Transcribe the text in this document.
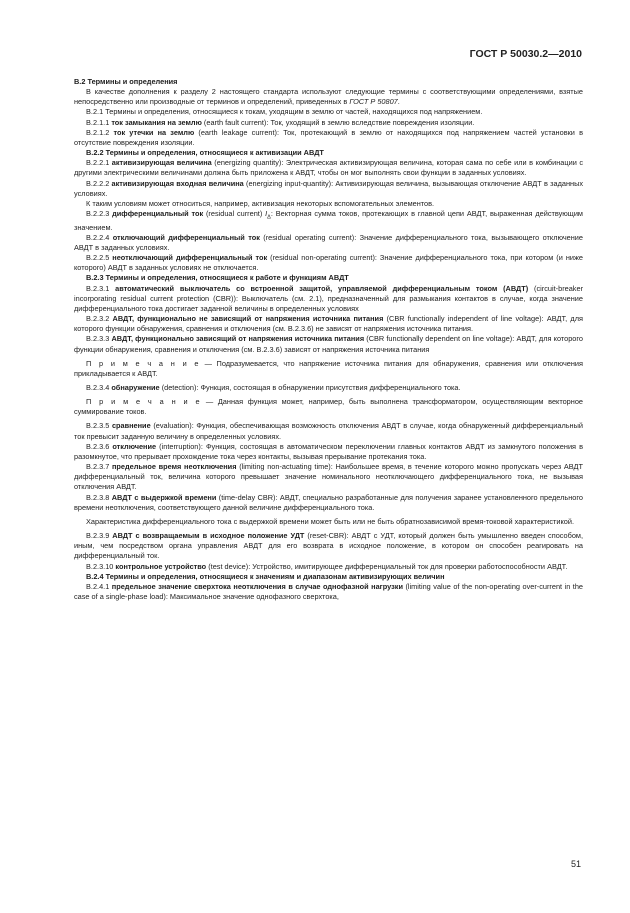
ГОСТ Р 50030.2—2010

B.2 Термины и определения

В качестве дополнения к разделу 2 настоящего стандарта используют следующие термины с соответствующими определениями, взятые непосредственно или производные от терминов и определений, приведенных в ГОСТ Р 50807.

B.2.1 Термины и определения, относящиеся к токам, уходящим в землю от частей, находящихся под напряжением.

B.2.1.1 ток замыкания на землю (earth fault current): Ток, уходящий в землю вследствие повреждения изоляции.

B.2.1.2 ток утечки на землю (earth leakage current): Ток, протекающий в землю от находящихся под напряжением частей установки в отсутствие повреждения изоляции.

B.2.2 Термины и определения, относящиеся к активизации АВДТ

B.2.2.1 активизирующая величина (energizing quantity): Электрическая активизирующая величина, которая сама по себе или в комбинации с другими электрическими величинами должна быть приложена к АВДТ, чтобы он мог выполнять свои функции в заданных условиях.

B.2.2.2 активизирующая входная величина (energizing input-quantity): Активизирующая величина, вызывающая отключение АВДТ в заданных условиях.

К таким условиям может относиться, например, активизация некоторых вспомогательных элементов.

B.2.2.3 дифференциальный ток (residual current) $I_\Delta$: Векторная сумма токов, протекающих в главной цепи АВДТ, выраженная действующим значением.

B.2.2.4 отключающий дифференциальный ток (residual operating current): Значение дифференциального тока, вызывающего отключение АВДТ в заданных условиях.

B.2.2.5 неотключающий дифференциальный ток (residual non-operating current): Значение дифференциального тока, при котором (и ниже которого) АВДТ в заданных условиях не отключается.

B.2.3 Термины и определения, относящиеся к работе и функциям АВДТ

B.2.3.1 автоматический выключатель со встроенной защитой, управляемой дифференциальным током (АВДТ) (circuit-breaker incorporating residual current protection (CBR)): Выключатель (см. 2.1), предназначенный для размыкания контактов в случае, когда значение дифференциального тока достигает заданной величины в определенных условиях

B.2.3.2 АВДТ, функционально не зависящий от напряжения источника питания (CBR functionally independent of line voltage): АВДТ, для которого функции обнаружения, сравнения и отключения (см. B.2.3.6) не зависят от напряжения источника питания.

B.2.3.3 АВДТ, функционально зависящий от напряжения источника питания (CBR functionally dependent on line voltage): АВДТ, для которого функции обнаружения, сравнения и отключения (см. B.2.3.6) зависят от напряжения источника питания

П р и м е ч а н и е — Подразумевается, что напряжение источника питания для обнаружения, сравнения или отключения прикладывается к АВДТ.

B.2.3.4 обнаружение (detection): Функция, состоящая в обнаружении присутствия дифференциального тока.

П р и м е ч а н и е — Данная функция может, например, быть выполнена трансформатором, осуществляющим векторное суммирование токов.

B.2.3.5 сравнение (evaluation): Функция, обеспечивающая возможность отключения АВДТ в случае, когда обнаруженный дифференциальный ток превысит заданную величину в определенных условиях.

B.2.3.6 отключение (interruption): Функция, состоящая в автоматическом переключении главных контактов АВДТ из замкнутого положения в разомкнутое, что прерывает прохождение тока через контакты, вызывая прерывание протекания тока.

B.2.3.7 предельное время неотключения (limiting non-actuating time): Наибольшее время, в течение которого можно пропускать через АВДТ дифференциальный ток, величина которого превышает значение номинального неотключающего дифференциального тока, не вызывая отключения АВДТ.

B.2.3.8 АВДТ с выдержкой времени (time-delay CBR): АВДТ, специально разработанные для получения заранее установленного предельного времени неотключения, соответствующего данной величине дифференциального тока.

Характеристика дифференциального тока с выдержкой времени может быть или не быть обратнозависимой время-токовой характеристикой.

B.2.3.9 АВДТ с возвращаемым в исходное положение УДТ (reset-CBR): АВДТ с УДТ, который должен быть умышленно введен способом, иным, чем посредством органа управления АВДТ для его возврата в исходное положение, в котором он способен реагировать на дифференциальный ток.

B.2.3.10 контрольное устройство (test device): Устройство, имитирующее дифференциальный ток для проверки работоспособности АВДТ.

B.2.4 Термины и определения, относящиеся к значениям и диапазонам активизирующих величин

B.2.4.1 предельное значение сверхтока неотключения в случае однофазной нагрузки (limiting value of the non-operating over-current in the case of a single-phase load): Максимальное значение однофазного сверхтока,

51
